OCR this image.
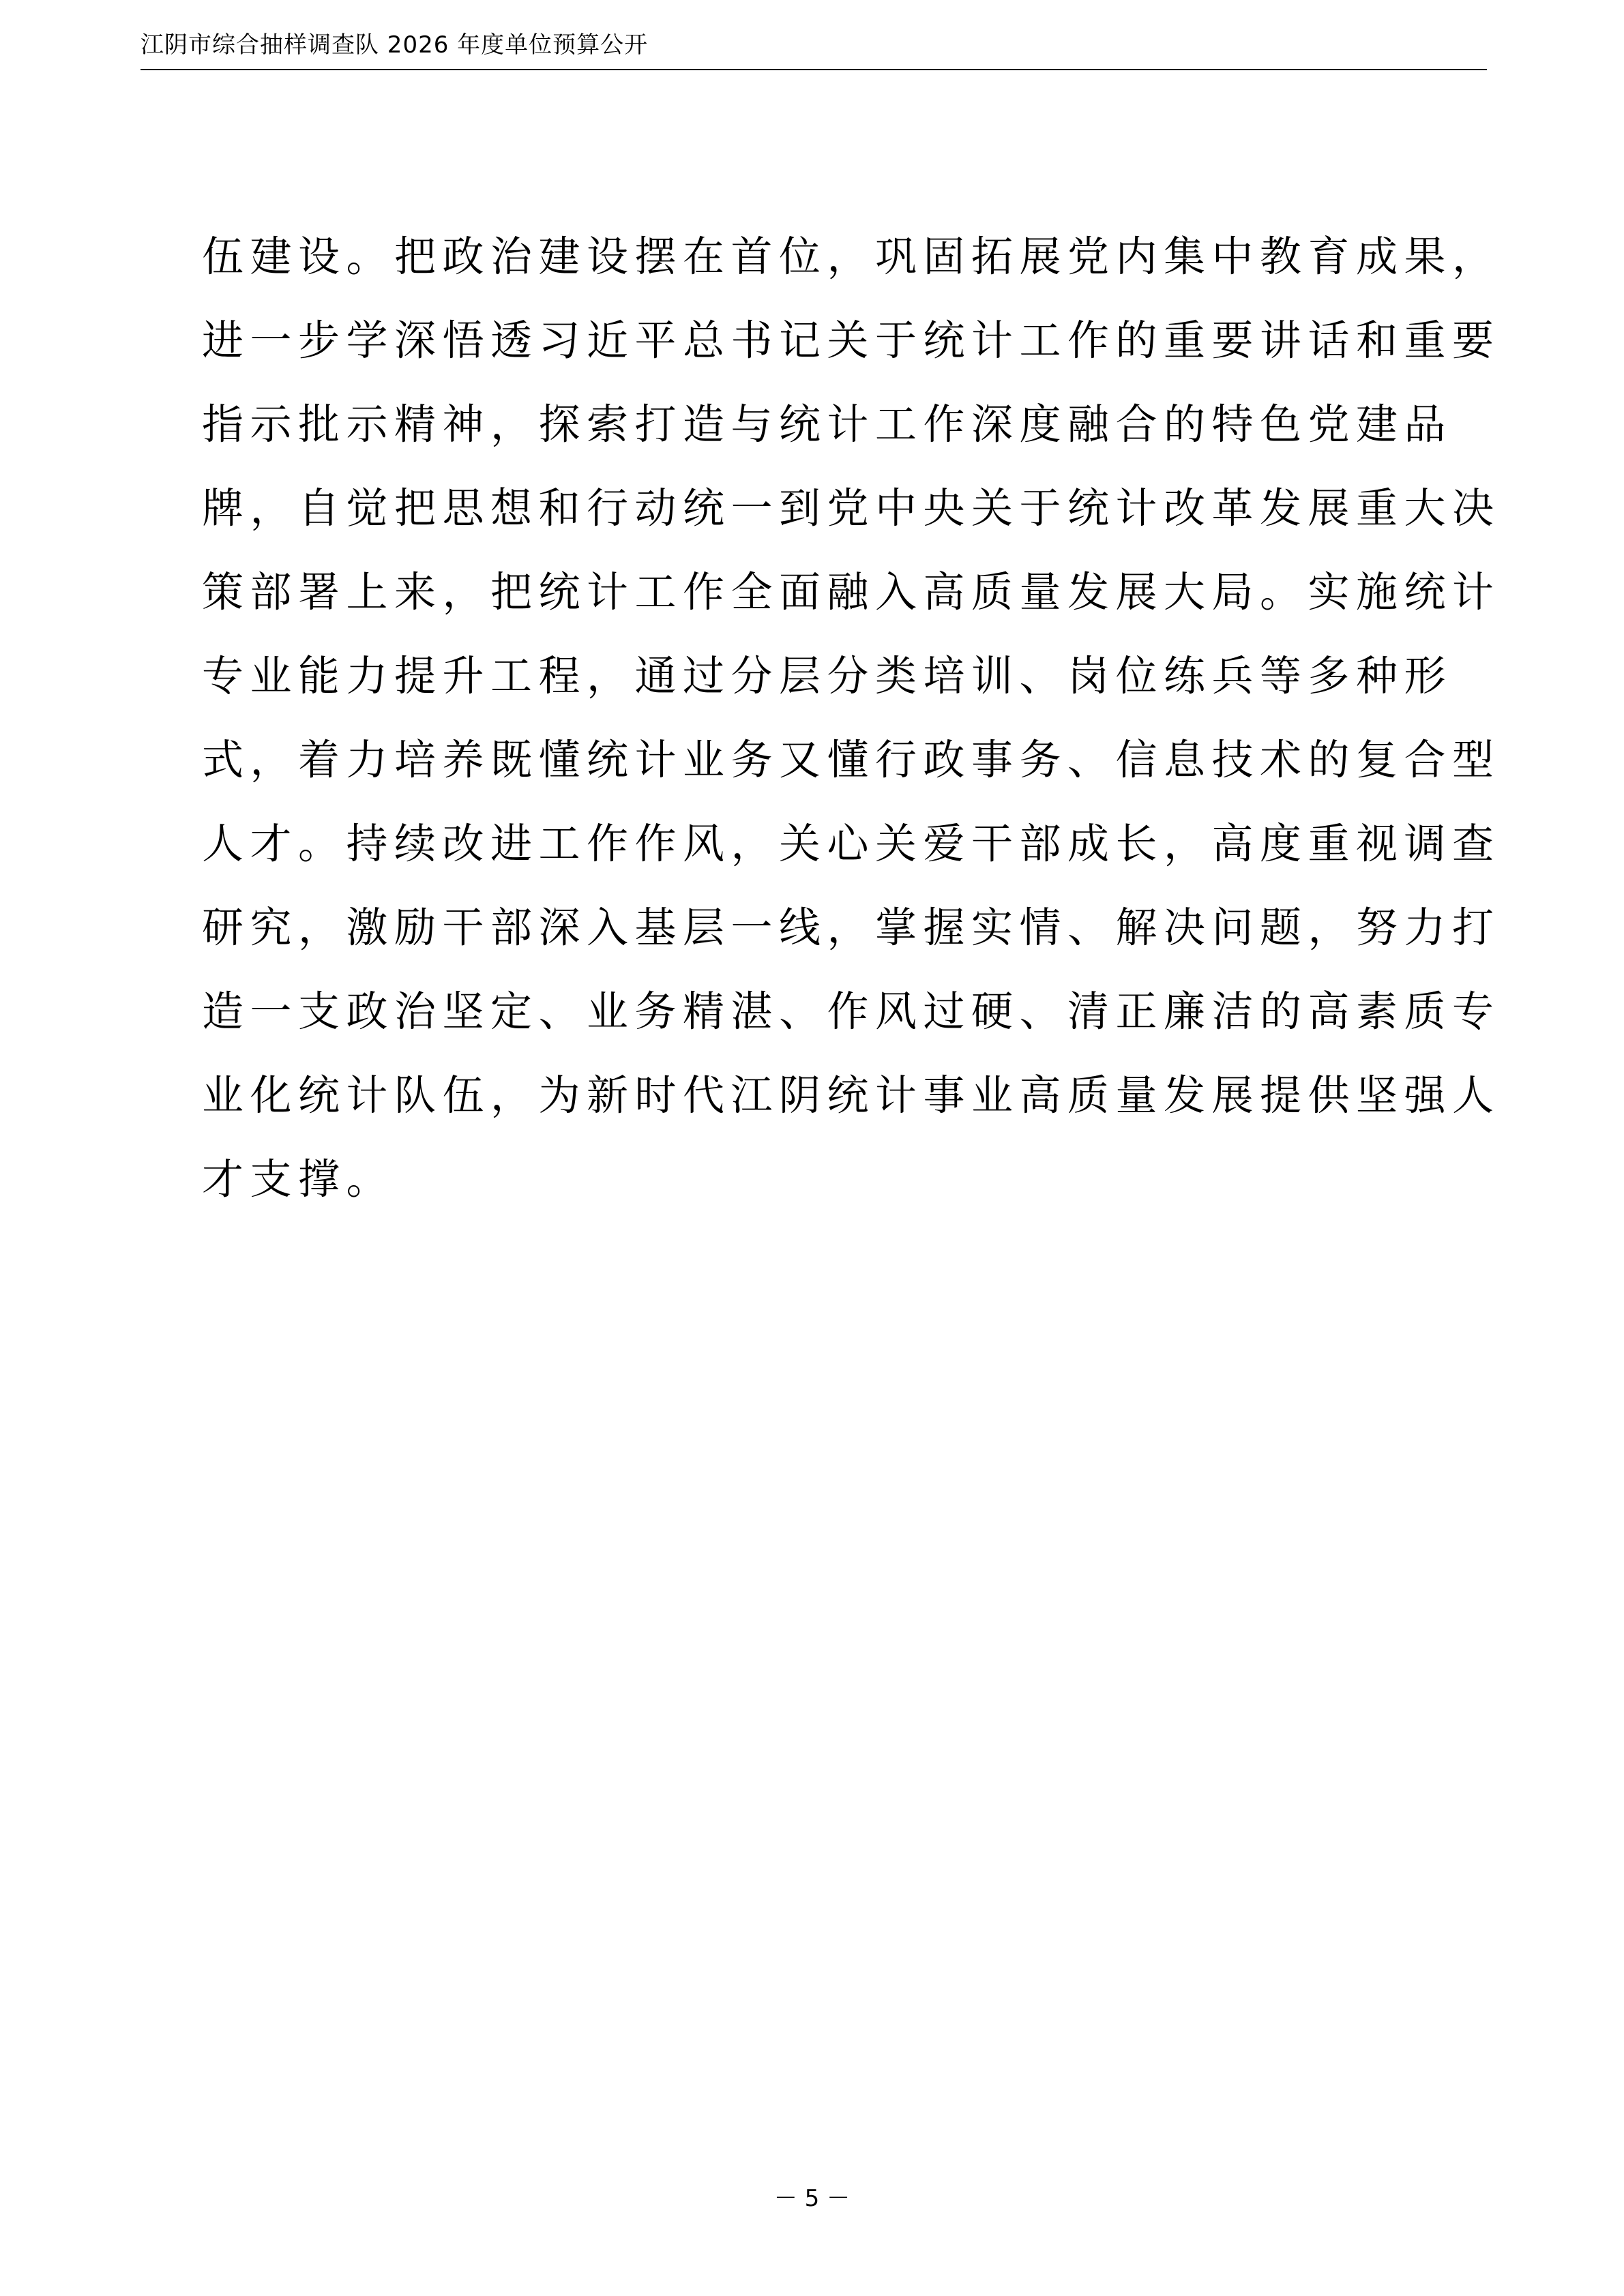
江阴市综合抽样调查队 2026 年度单位预算公开
伍建设。把政治建设摆在首位，巩固拓展党内集中教育成果，
进一步学深悟透习近平总书记关于统计工作的重要讲话和重要
指示批示精神，探索打造与统计工作深度融合的特色党建品
牌，自觉把思想和行动统一到党中央关于统计改革发展重大决
策部署上来，把统计工作全面融入高质量发展大局。实施统计
专业能力提升工程，通过分层分类培训、岗位练兵等多种形
式，着力培养既懂统计业务又懂行政事务、信息技术的复合型
人才。持续改进工作作风，关心关爱干部成长，高度重视调查
研究，激励干部深入基层一线，掌握实情、解决问题，努力打
造一支政治坚定、业务精湛、作风过硬、清正廉洁的高素质专
业化统计队伍，为新时代江阴统计事业高质量发展提供坚强人
才支撑。
－ 5 －
